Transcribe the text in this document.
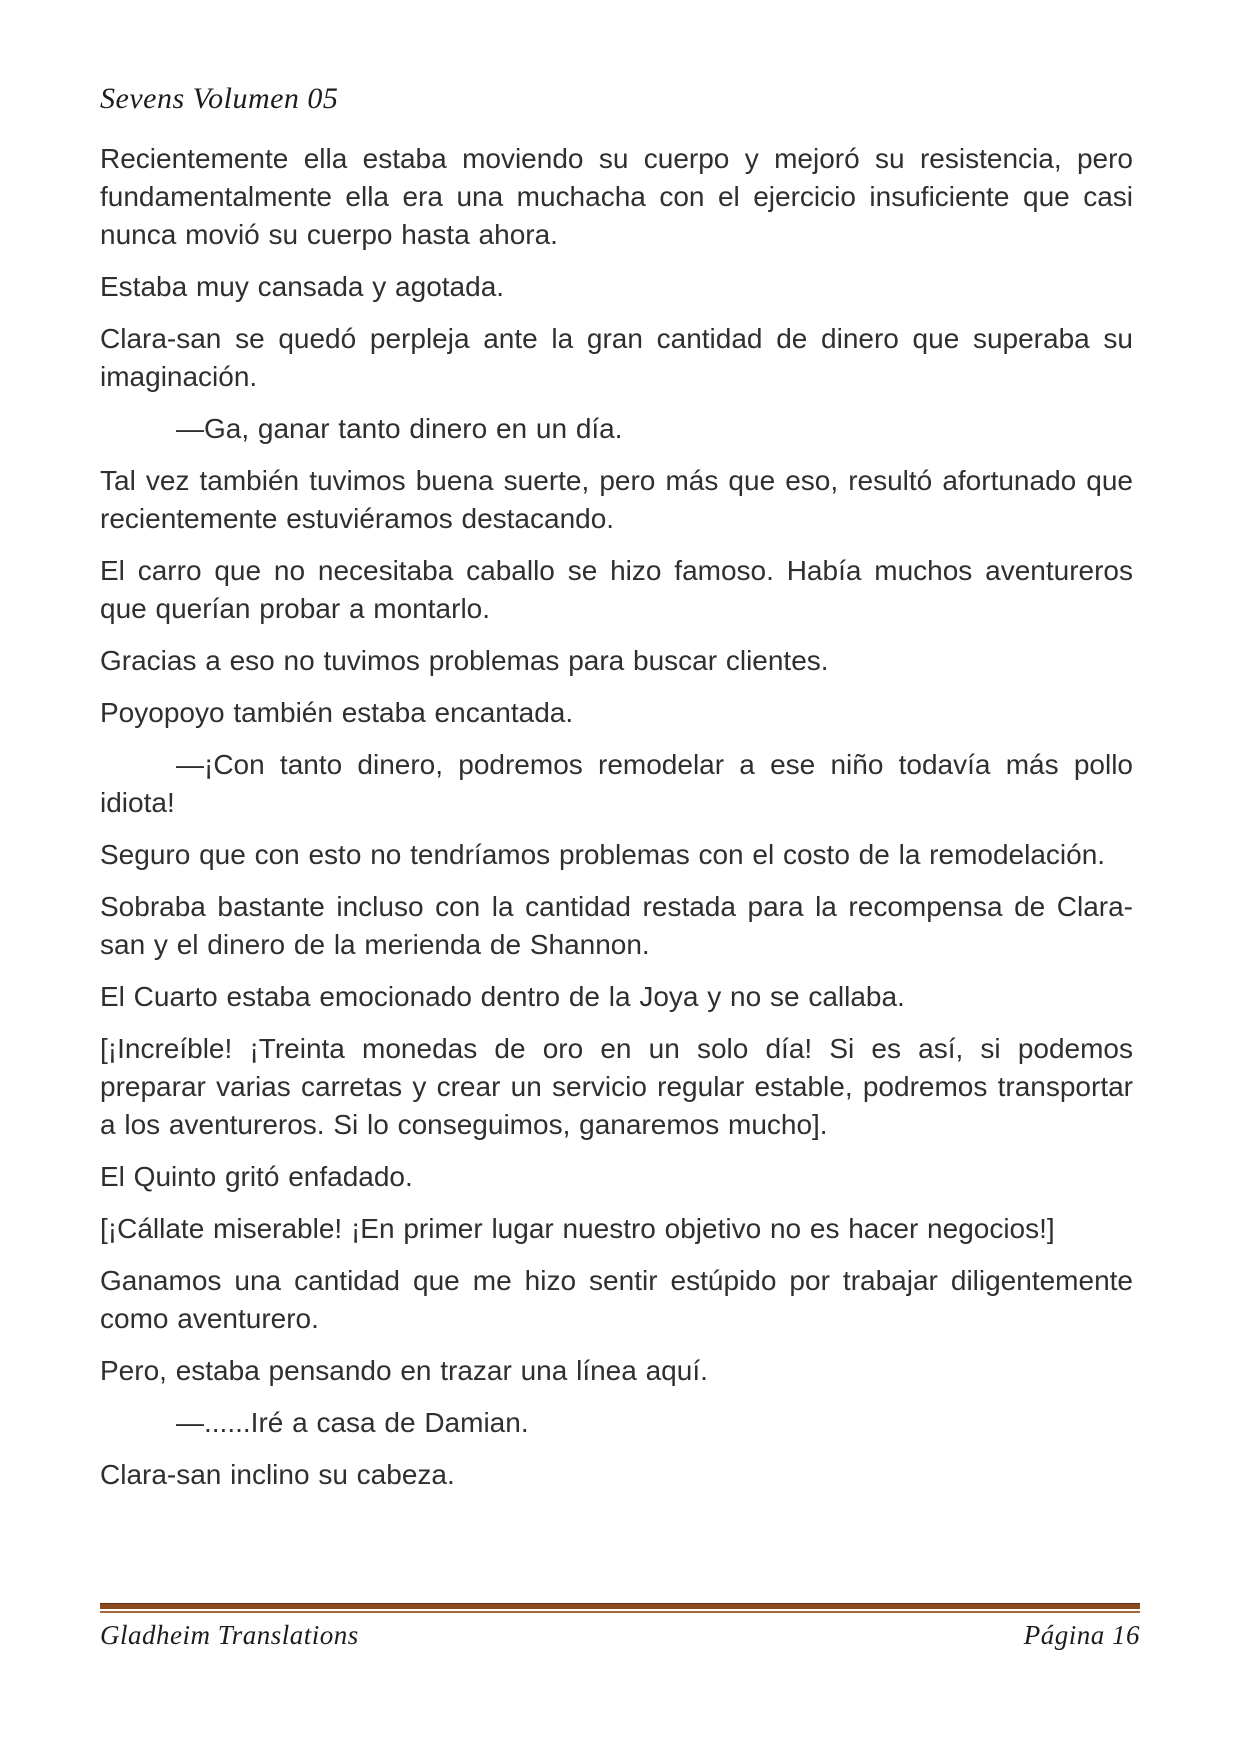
Sevens Volumen 05

Recientemente ella estaba moviendo su cuerpo y mejoró su resistencia, pero fundamentalmente ella era una muchacha con el ejercicio insuficiente que casi nunca movió su cuerpo hasta ahora.

Estaba muy cansada y agotada.

Clara-san se quedó perpleja ante la gran cantidad de dinero que superaba su imaginación.

—Ga, ganar tanto dinero en un día.

Tal vez también tuvimos buena suerte, pero más que eso, resultó afortunado que recientemente estuviéramos destacando.

El carro que no necesitaba caballo se hizo famoso. Había muchos aventureros que querían probar a montarlo.

Gracias a eso no tuvimos problemas para buscar clientes.

Poyopoyo también estaba encantada.

—¡Con tanto dinero, podremos remodelar a ese niño todavía más pollo idiota!

Seguro que con esto no tendríamos problemas con el costo de la remodelación.

Sobraba bastante incluso con la cantidad restada para la recompensa de Clara-san y el dinero de la merienda de Shannon.

El Cuarto estaba emocionado dentro de la Joya y no se callaba.

[¡Increíble! ¡Treinta monedas de oro en un solo día! Si es así, si podemos preparar varias carretas y crear un servicio regular estable, podremos transportar a los aventureros. Si lo conseguimos, ganaremos mucho].

El Quinto gritó enfadado.

[¡Cállate miserable! ¡En primer lugar nuestro objetivo no es hacer negocios!]

Ganamos una cantidad que me hizo sentir estúpido por trabajar diligentemente como aventurero.

Pero, estaba pensando en trazar una línea aquí.

—......Iré a casa de Damian.

Clara-san inclino su cabeza.

Gladheim Translations	Página 16
